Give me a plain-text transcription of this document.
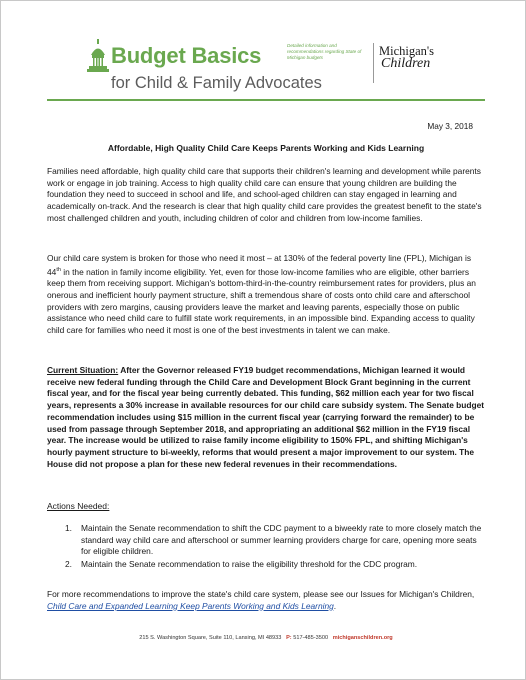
Budget Basics
for Child & Family Advocates
Detailed information and recommendations regarding State of Michigan budgets	Michigan's
Children
May 3, 2018
Affordable, High Quality Child Care Keeps Parents Working and Kids Learning

Families need affordable, high quality child care that supports their children's learning and development while parents work or engage in job training. Access to high quality child care can ensure that young children are building the foundation they need to succeed in school and life, and school-aged children can stay engaged in learning and academically on-track. And the research is clear that high quality child care provides the greatest benefit to the state's most challenged children and youth, including children of color and children from low-income families.

Our child care system is broken for those who need it most – at 130% of the federal poverty line (FPL), Michigan is 44th in the nation in family income eligibility. Yet, even for those low-income families who are eligible, other barriers keep them from receiving support. Michigan's bottom-third-in-the-country reimbursement rates for providers, plus an onerous and inefficient hourly payment structure, shift a tremendous share of costs onto child care and afterschool providers with zero margins, causing providers leave the market and leaving parents, especially those on public assistance who need child care to fulfill state work requirements, in an impossible bind. Expanding access to quality child care for families who need it most is one of the best investments in talent we can make.

Current Situation: After the Governor released FY19 budget recommendations, Michigan learned it would receive new federal funding through the Child Care and Development Block Grant beginning in the current fiscal year, and for the fiscal year being currently debated. This funding, $62 million each year for two fiscal years, represents a 30% increase in available resources for our child care subsidy system. The Senate budget recommendation includes using $15 million in the current fiscal year (carrying forward the remainder) to be used from passage through September 2018, and appropriating an additional $62 million in the FY19 fiscal year. The increase would be utilized to raise family income eligibility to 150% FPL, and shifting Michigan's hourly payment structure to bi-weekly, reforms that would present a major improvement to our system. The House did not propose a plan for these new federal revenues in their recommendations.

Actions Needed:
1. Maintain the Senate recommendation to shift the CDC payment to a biweekly rate to more closely match the standard way child care and afterschool or summer learning providers charge for care, opening more seats for eligible children.
2. Maintain the Senate recommendation to raise the eligibility threshold for the CDC program.

For more recommendations to improve the state's child care system, please see our Issues for Michigan's Children, Child Care and Expanded Learning Keep Parents Working and Kids Learning.

215 S. Washington Square, Suite 110, Lansing, MI 48933 P: 517-485-3500 michiganschildren.org
